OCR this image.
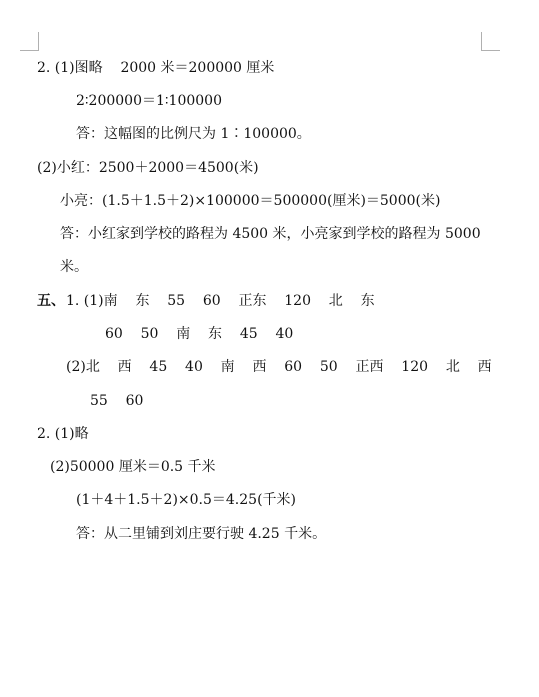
2. (1)图略    2000 米＝200000 厘米
2∶200000＝1∶100000
答：这幅图的比例尺为 1∶100000。
(2)小红：2500＋2000＝4500(米)
小亮：(1.5＋1.5＋2)×100000＝500000(厘米)＝5000(米)
答：小红家到学校的路程为 4500 米，小亮家到学校的路程为 5000
米。
五、 1. (1)南    东    55    60    正东    120    北    东
60    50    南    东    45    40
(2)北    西    45    40    南    西    60    50    正西    120    北    西
55    60
2. (1)略
(2)50000 厘米＝0.5 千米
(1＋4＋1.5＋2)×0.5＝4.25(千米)
答：从二里铺到刘庄要行驶 4.25 千米。
